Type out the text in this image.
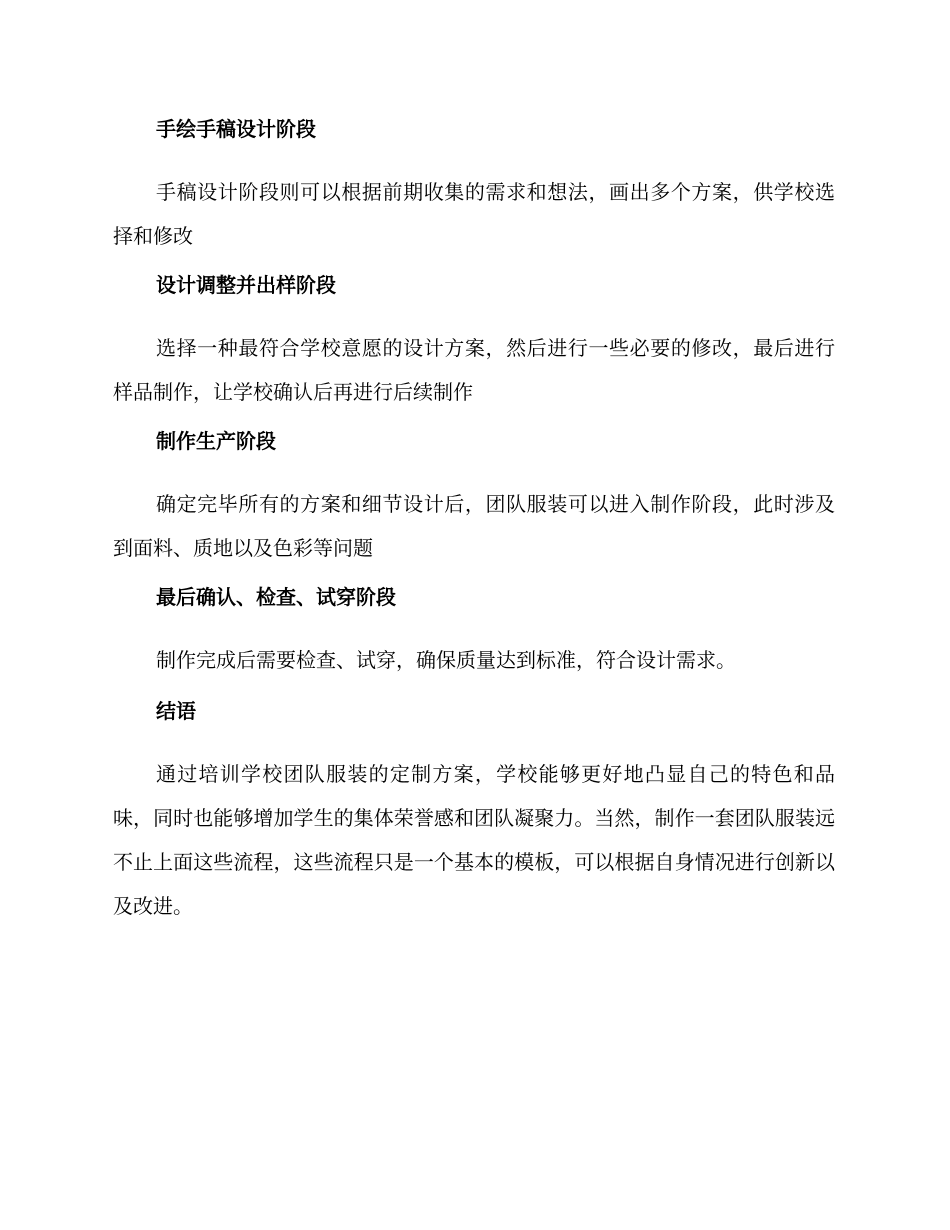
手绘手稿设计阶段
手稿设计阶段则可以根据前期收集的需求和想法，画出多个方案，供学校选择和修改
设计调整并出样阶段
选择一种最符合学校意愿的设计方案，然后进行一些必要的修改，最后进行样品制作，让学校确认后再进行后续制作
制作生产阶段
确定完毕所有的方案和细节设计后，团队服装可以进入制作阶段，此时涉及到面料、质地以及色彩等问题
最后确认、检查、试穿阶段
制作完成后需要检查、试穿，确保质量达到标准，符合设计需求。
结语
通过培训学校团队服装的定制方案，学校能够更好地凸显自己的特色和品味，同时也能够增加学生的集体荣誉感和团队凝聚力。当然，制作一套团队服装远不止上面这些流程，这些流程只是一个基本的模板，可以根据自身情况进行创新以及改进。
